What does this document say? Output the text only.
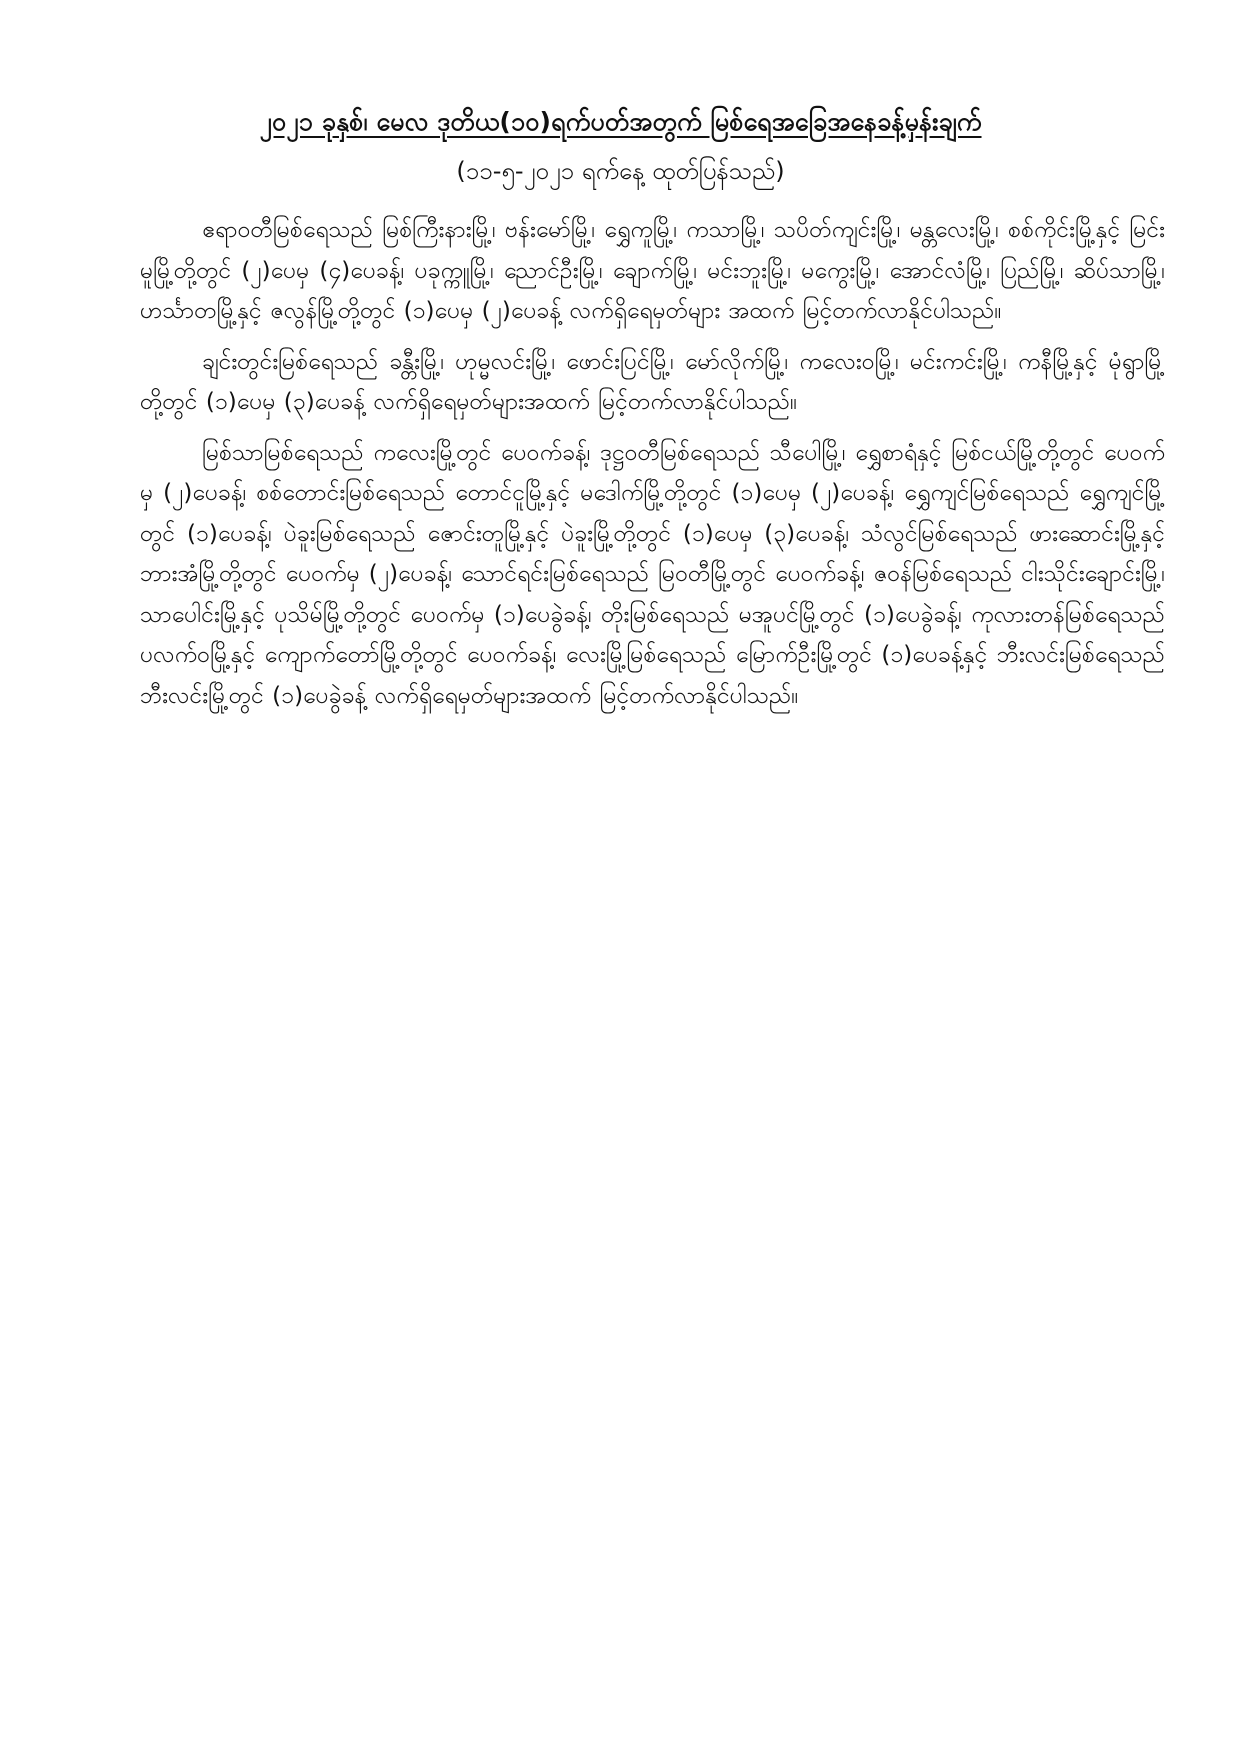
၂၀၂၁ ခုနှစ်၊ မေလ ဒုတိယ(၁၀)ရက်ပတ်အတွက် မြစ်ရေအခြေအနေခန့်မှန်းချက်
(၁၁-၅-၂၀၂၁ ရက်နေ့ ထုတ်ပြန်သည်)

ဧရာဝတီမြစ်ရေသည် မြစ်ကြီးနားမြို့၊ ဗန်းမော်မြို့၊ ရွှေကူမြို့၊ ကသာမြို့၊ သပိတ်ကျင်းမြို့၊ မန္တလေးမြို့၊ စစ်ကိုင်းမြို့နှင့် မြင်းမူမြို့တို့တွင် (၂)ပေမှ (၄)ပေခန့်၊ ပခုက္ကူမြို့၊ ညောင်ဦးမြို့၊ ချောက်မြို့၊ မင်းဘူးမြို့၊ မကွေးမြို့၊ အောင်လံမြို့၊ ပြည်မြို့၊ ဆိပ်သာမြို့၊ ဟင်္သာတမြို့နှင့် ဇလွန်မြို့တို့တွင် (၁)ပေမှ (၂)ပေခန့် လက်ရှိရေမှတ်များ အထက် မြင့်တက်လာနိုင်ပါသည်။

ချင်းတွင်းမြစ်ရေသည် ခန္တီးမြို့၊ ဟုမ္မလင်းမြို့၊ ဖောင်းပြင်မြို့၊ မော်လိုက်မြို့၊ ကလေးဝမြို့၊ မင်းကင်းမြို့၊ ကနီမြို့နှင့် မုံရွာမြို့တို့တွင် (၁)ပေမှ (၃)ပေခန့် လက်ရှိရေမှတ်များအထက် မြင့်တက်လာနိုင်ပါသည်။

မြစ်သာမြစ်ရေသည် ကလေးမြို့တွင် ပေဝက်ခန့်၊ ဒုဋ္ဌဝတီမြစ်ရေသည် သီပေါမြို့၊ ရွှေစာရံနှင့် မြစ်ငယ်မြို့တို့တွင် ပေဝက်မှ (၂)ပေခန့်၊ စစ်တောင်းမြစ်ရေသည် တောင်ငူမြို့နှင့် မဒေါက်မြို့တို့တွင် (၁)ပေမှ (၂)ပေခန့်၊ ရွှေကျင်မြစ်ရေသည် ရွှေကျင်မြို့တွင် (၁)ပေခန့်၊ ပဲခူးမြစ်ရေသည် ဇောင်းတူမြို့နှင့် ပဲခူးမြို့တို့တွင် (၁)ပေမှ (၃)ပေခန့်၊ သံလွင်မြစ်ရေသည် ဖားဆောင်းမြို့နှင့် ဘားအံမြို့တို့တွင် ပေဝက်မှ (၂)ပေခန့်၊ သောင်ရင်းမြစ်ရေသည် မြဝတီမြို့တွင် ပေဝက်ခန့်၊ ဇဝန်မြစ်ရေသည် ငါးသိုင်းချောင်းမြို့၊ သာပေါင်းမြို့နှင့် ပုသိမ်မြို့တို့တွင် ပေဝက်မှ (၁)ပေခွဲခန့်၊ တိုးမြစ်ရေသည် မအူပင်မြို့တွင် (၁)ပေခွဲခန့်၊ ကုလားတန်မြစ်ရေသည် ပလက်ဝမြို့နှင့် ကျောက်တော်မြို့တို့တွင် ပေဝက်ခန့်၊ လေးမြို့မြစ်ရေသည် မြောက်ဦးမြို့တွင် (၁)ပေခန့်နှင့် ဘီးလင်းမြစ်ရေသည် ဘီးလင်းမြို့တွင် (၁)ပေခွဲခန့် လက်ရှိရေမှတ်များအထက် မြင့်တက်လာနိုင်ပါသည်။
